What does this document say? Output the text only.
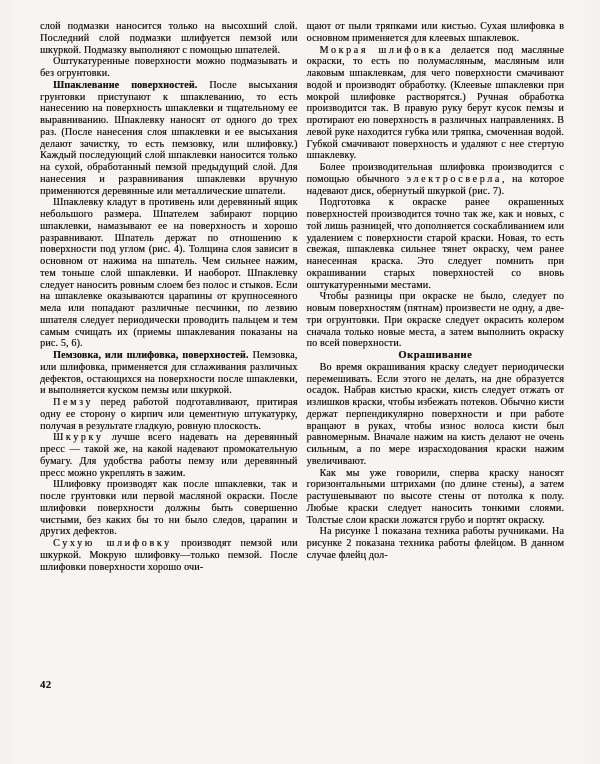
слой подмазки наносится только на высохший слой. Последний слой подмазки шлифуется пемзой или шкуркой. Подмазку выполняют с помощью шпателей.

Оштукатуренные поверхности можно подмазывать и без огрунтовки.

Шпаклевание поверхностей. После высыхания грунтовки приступают к шпаклеванию, то есть нанесению на поверхность шпаклевки и тщательному ее выравниванию. Шпаклевку наносят от одного до трех раз. (После нанесения слоя шпаклевки и ее высыхания делают зачистку, то есть пемзовку, или шлифовку.) Каждый последующий слой шпаклевки наносится только на сухой, обработанный пемзой предыдущий слой. Для нанесения и разравнивания шпаклевки вручную применяются деревянные или металлические шпатели.

Шпаклевку кладут в противень или деревянный ящик небольшого размера. Шпателем забирают порцию шпаклевки, намазывают ее на поверхность и хорошо разравнивают. Шпатель держат по отношению к поверхности под углом (рис. 4). Толщина слоя зависит в основном от нажима на шпатель. Чем сильнее нажим, тем тоньше слой шпаклевки. И наоборот. Шпаклевку следует наносить ровным слоем без полос и стыков. Если на шпаклевке оказываются царапины от крупносеяного мела или попадают различные песчинки, по лезвию шпателя следует периодически проводить пальцем и тем самым счищать их (приемы шпаклевания показаны на рис. 5, 6).

Пемзовка, или шлифовка, поверхностей. Пемзовка, или шлифовка, применяется для сглаживания различных дефектов, остающихся на поверхности после шпаклевки, и выполняется куском пемзы или шкуркой.

Пемзу перед работой подготавливают, притирая одну ее сторону о кирпич или цементную штукатурку, получая в результате гладкую, ровную плоскость.

Шкурку лучше всего надевать на деревянный пресс — такой же, на какой надевают промокательную бумагу. Для удобства работы пемзу или деревянный пресс можно укреплять в зажим.

Шлифовку производят как после шпаклевки, так и после грунтовки или первой масляной окраски. После шлифовки поверхности должны быть совершенно чистыми, без каких бы то ни было следов, царапин и других дефектов.

Сухую шлифовку производят пемзой или шкуркой. Мокрую шлифовку—только пемзой. После шлифовки поверхности хорошо очи-

щают от пыли тряпками или кистью. Сухая шлифовка в основном применяется для клеевых шпаклевок.

Мокрая шлифовка делается под масляные окраски, то есть по полумасляным, масляным или лаковым шпаклевкам, для чего поверхности смачивают водой и производят обработку. (Клеевые шпаклевки при мокрой шлифовке растворятся.) Ручная обработка производится так. В правую руку берут кусок пемзы и протирают ею поверхность в различных направлениях. В левой руке находится губка или тряпка, смоченная водой. Губкой смачивают поверхность и удаляют с нее стертую шпаклевку.

Более производительная шлифовка производится с помощью обычного электросверла, на которое надевают диск, обернутый шкуркой (рис. 7).

Подготовка к окраске ранее окрашенных поверхностей производится точно так же, как и новых, с той лишь разницей, что дополняется соскабливанием или удалением с поверхности старой краски. Новая, то есть свежая, шпаклевка сильнее тянет окраску, чем ранее нанесенная краска. Это следует помнить при окрашивании старых поверхностей со вновь оштукатуренными местами.

Чтобы разницы при окраске не было, следует по новым поверхностям (пятнам) произвести не одну, а две-три огрунтовки. При окраске следует окрасить колером сначала только новые места, а затем выполнить окраску по всей поверхности.

Окрашивание

Во время окрашивания краску следует периодически перемешивать. Если этого не делать, на дне образуется осадок. Набрав кистью краски, кисть следует отжать от излишков краски, чтобы избежать потеков. Обычно кисти держат перпендикулярно поверхности и при работе вращают в руках, чтобы износ волоса кисти был равномерным. Вначале нажим на кисть делают не очень сильным, а по мере израсходования краски нажим увеличивают.

Как мы уже говорили, сперва краску наносят горизонтальными штрихами (по длине стены), а затем растушевывают по высоте стены от потолка к полу. Любые краски следует наносить тонкими слоями. Толстые слои краски ложатся грубо и портят окраску.

На рисунке 1 показана техника работы ручниками. На рисунке 2 показана техника работы флейцом. В данном случае флейц дол-

42
